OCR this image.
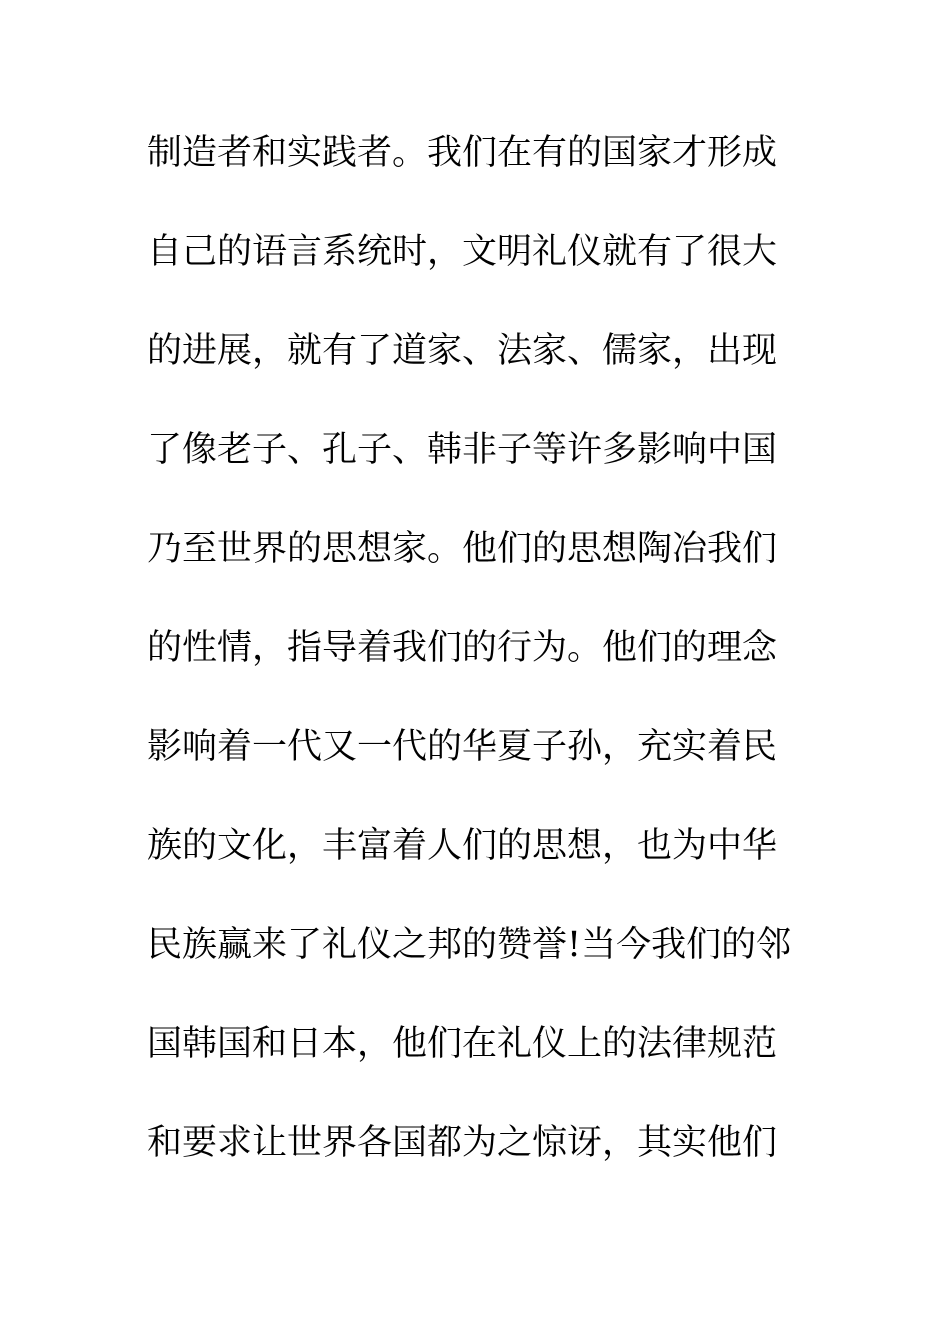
制造者和实践者。我们在有的国家才形成
自己的语言系统时，文明礼仪就有了很大
的进展，就有了道家、法家、儒家，出现
了像老子、孔子、韩非子等许多影响中国
乃至世界的思想家。他们的思想陶冶我们
的性情，指导着我们的行为。他们的理念
影响着一代又一代的华夏子孙，充实着民
族的文化，丰富着人们的思想，也为中华
民族赢来了礼仪之邦的赞誉!当今我们的邻
国韩国和日本，他们在礼仪上的法律规范
和要求让世界各国都为之惊讶，其实他们
